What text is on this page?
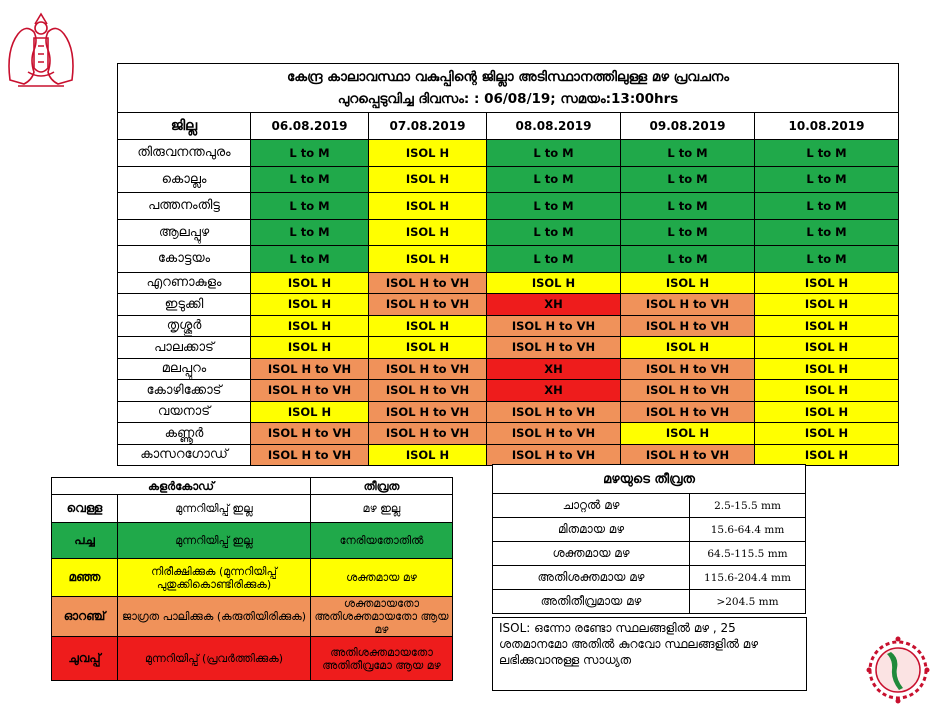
കേന്ദ്ര കാലാവസ്ഥാ വകുപ്പിന്റെ ജില്ലാ അടിസ്ഥാനത്തിലുള്ള മഴ പ്രവചനം
പുറപ്പെടുവിച്ച ദിവസം: : 06/08/19; സമയം:13:00hrs					

ജില്ല	06.08.2019	07.08.2019	08.08.2019	09.08.2019	10.08.2019
തിരുവനന്തപുരം	L to M	ISOL H	L to M	L to M	L to M
കൊല്ലം	L to M	ISOL H	L to M	L to M	L to M
പത്തനംതിട്ട	L to M	ISOL H	L to M	L to M	L to M
ആലപ്പുഴ	L to M	ISOL H	L to M	L to M	L to M
കോട്ടയം	L to M	ISOL H	L to M	L to M	L to M
എറണാകുളം	ISOL H	ISOL H to VH	ISOL H	ISOL H	ISOL H
ഇടുക്കി	ISOL H	ISOL H to VH	XH	ISOL H to VH	ISOL H
തൃശ്ശൂർ	ISOL H	ISOL H	ISOL H to VH	ISOL H to VH	ISOL H
പാലക്കാട്	ISOL H	ISOL H	ISOL H to VH	ISOL H	ISOL H
മലപ്പുറം	ISOL H to VH	ISOL H to VH	XH	ISOL H to VH	ISOL H
കോഴിക്കോട്	ISOL H to VH	ISOL H to VH	XH	ISOL H to VH	ISOL H
വയനാട്	ISOL H	ISOL H to VH	ISOL H to VH	ISOL H to VH	ISOL H
കണ്ണൂർ	ISOL H to VH	ISOL H to VH	ISOL H to VH	ISOL H	ISOL H
കാസറഗോഡ്	ISOL H to VH	ISOL H	ISOL H to VH	ISOL H to VH	ISOL H
കളർകോഡ്		തീവ്രത
വെള്ള	മുന്നറിയിപ്പ് ഇല്ല	മഴ ഇല്ല
പച്ച	മുന്നറിയിപ്പ് ഇല്ല	നേരിയതോതിൽ
മഞ്ഞ	നിരീക്ഷിക്കുക (മുന്നറിയിപ്പ് പുതുക്കികൊണ്ടിരിക്കുക)	ശക്തമായ മഴ
ഓറഞ്ച്	ജാഗ്രത പാലിക്കുക (കരുതിയിരിക്കുക)	ശക്തമായതോ അതിശക്തമായതോ ആയ മഴ
ചുവപ്പ്	മുന്നറിയിപ്പ് (പ്രവർത്തിക്കുക)	അതിശക്തമായതോ അതിതീവ്രമോ ആയ മഴ
മഴയുടെ തീവ്രത	
ചാറ്റൽ മഴ	2.5-15.5 mm
മിതമായ മഴ	15.6-64.4 mm
ശക്തമായ മഴ	64.5-115.5 mm
അതിശക്തമായ മഴ	115.6-204.4 mm
അതിതീവ്രമായ മഴ	>204.5 mm
ISOL: ഒന്നോ രണ്ടോ സ്ഥലങ്ങളിൽ മഴ , 25 ശതമാനമോ അതിൽ കുറവോ സ്ഥലങ്ങളിൽ മഴ ലഭിക്കുവാനുള്ള സാധ്യത
